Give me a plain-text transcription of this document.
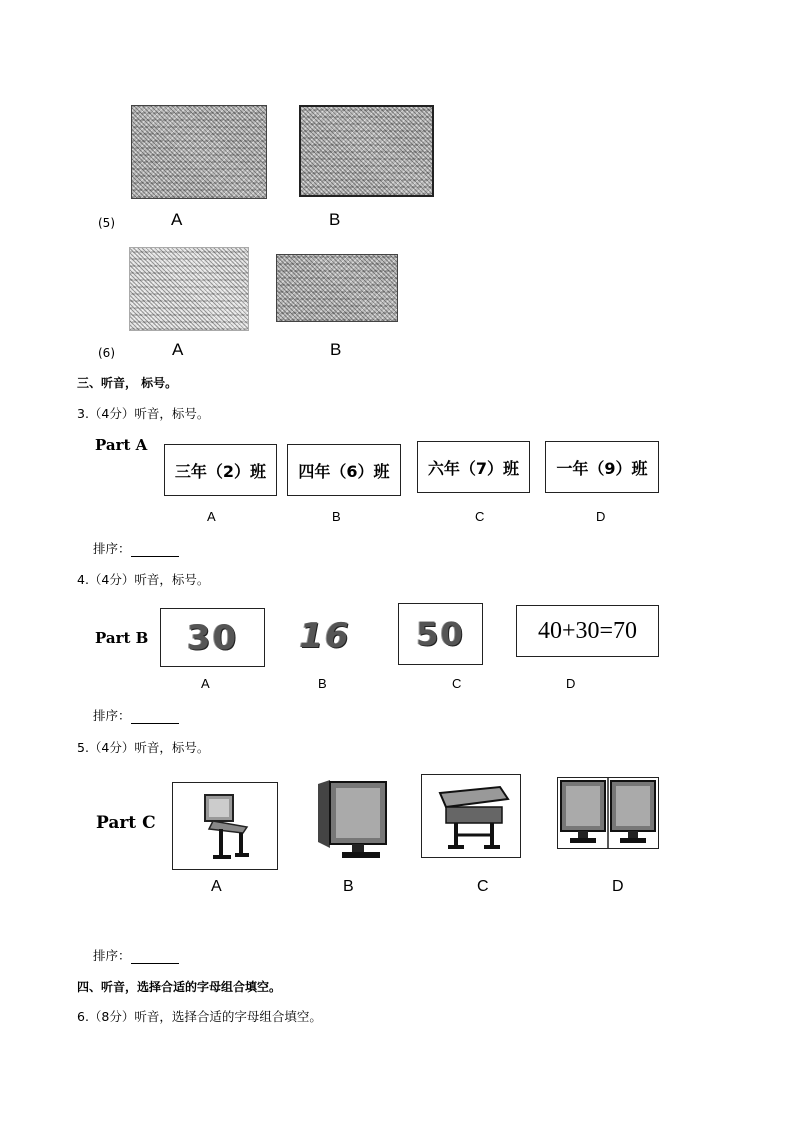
(5)	A	B
(6)	A	B
三、听音， 标号。
3.（4分）听音，标号。
Part A
三年（2）班	四年（6）班	六年（7）班	一年（9）班
A	B	C	D
排序：
4.（4分）听音，标号。
Part B 30 16 50	40+30=70
A	B	C	D
排序：
5.（4分）听音，标号。
Part C
A	B	C	D
排序：
四、听音，选择合适的字母组合填空。
6.（8分）听音，选择合适的字母组合填空。
